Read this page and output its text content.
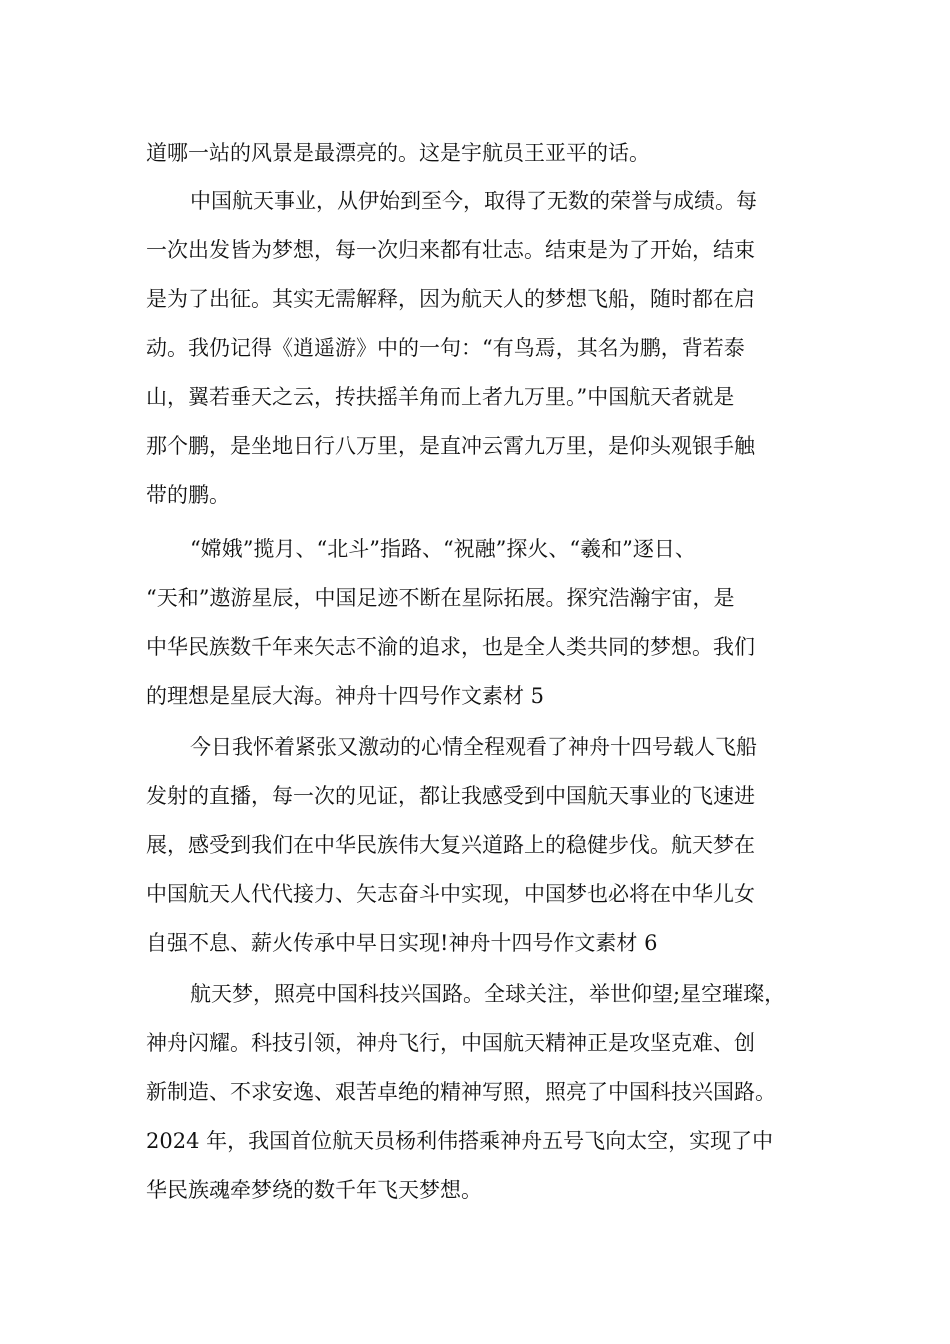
道哪一站的风景是最漂亮的。这是宇航员王亚平的话。
中国航天事业，从伊始到至今，取得了无数的荣誉与成绩。每
一次出发皆为梦想，每一次归来都有壮志。结束是为了开始，结束
是为了出征。其实无需解释，因为航天人的梦想飞船，随时都在启
动。我仍记得《逍遥游》中的一句：“有鸟焉，其名为鹏，背若泰
山，翼若垂天之云，抟扶摇羊角而上者九万里。”中国航天者就是
那个鹏，是坐地日行八万里，是直冲云霄九万里，是仰头观银手触
带的鹏。
“嫦娥”揽月、“北斗”指路、“祝融”探火、“羲和”逐日、
“天和”遨游星辰，中国足迹不断在星际拓展。探究浩瀚宇宙，是
中华民族数千年来矢志不渝的追求，也是全人类共同的梦想。我们
的理想是星辰大海。神舟十四号作文素材 5
今日我怀着紧张又激动的心情全程观看了神舟十四号载人飞船
发射的直播，每一次的见证，都让我感受到中国航天事业的飞速进
展，感受到我们在中华民族伟大复兴道路上的稳健步伐。航天梦在
中国航天人代代接力、矢志奋斗中实现，中国梦也必将在中华儿女
自强不息、薪火传承中早日实现!神舟十四号作文素材 6
航天梦，照亮中国科技兴国路。全球关注，举世仰望;星空璀璨，
神舟闪耀。科技引领，神舟飞行，中国航天精神正是攻坚克难、创
新制造、不求安逸、艰苦卓绝的精神写照，照亮了中国科技兴国路。
2024 年，我国首位航天员杨利伟搭乘神舟五号飞向太空，实现了中
华民族魂牵梦绕的数千年飞天梦想。
